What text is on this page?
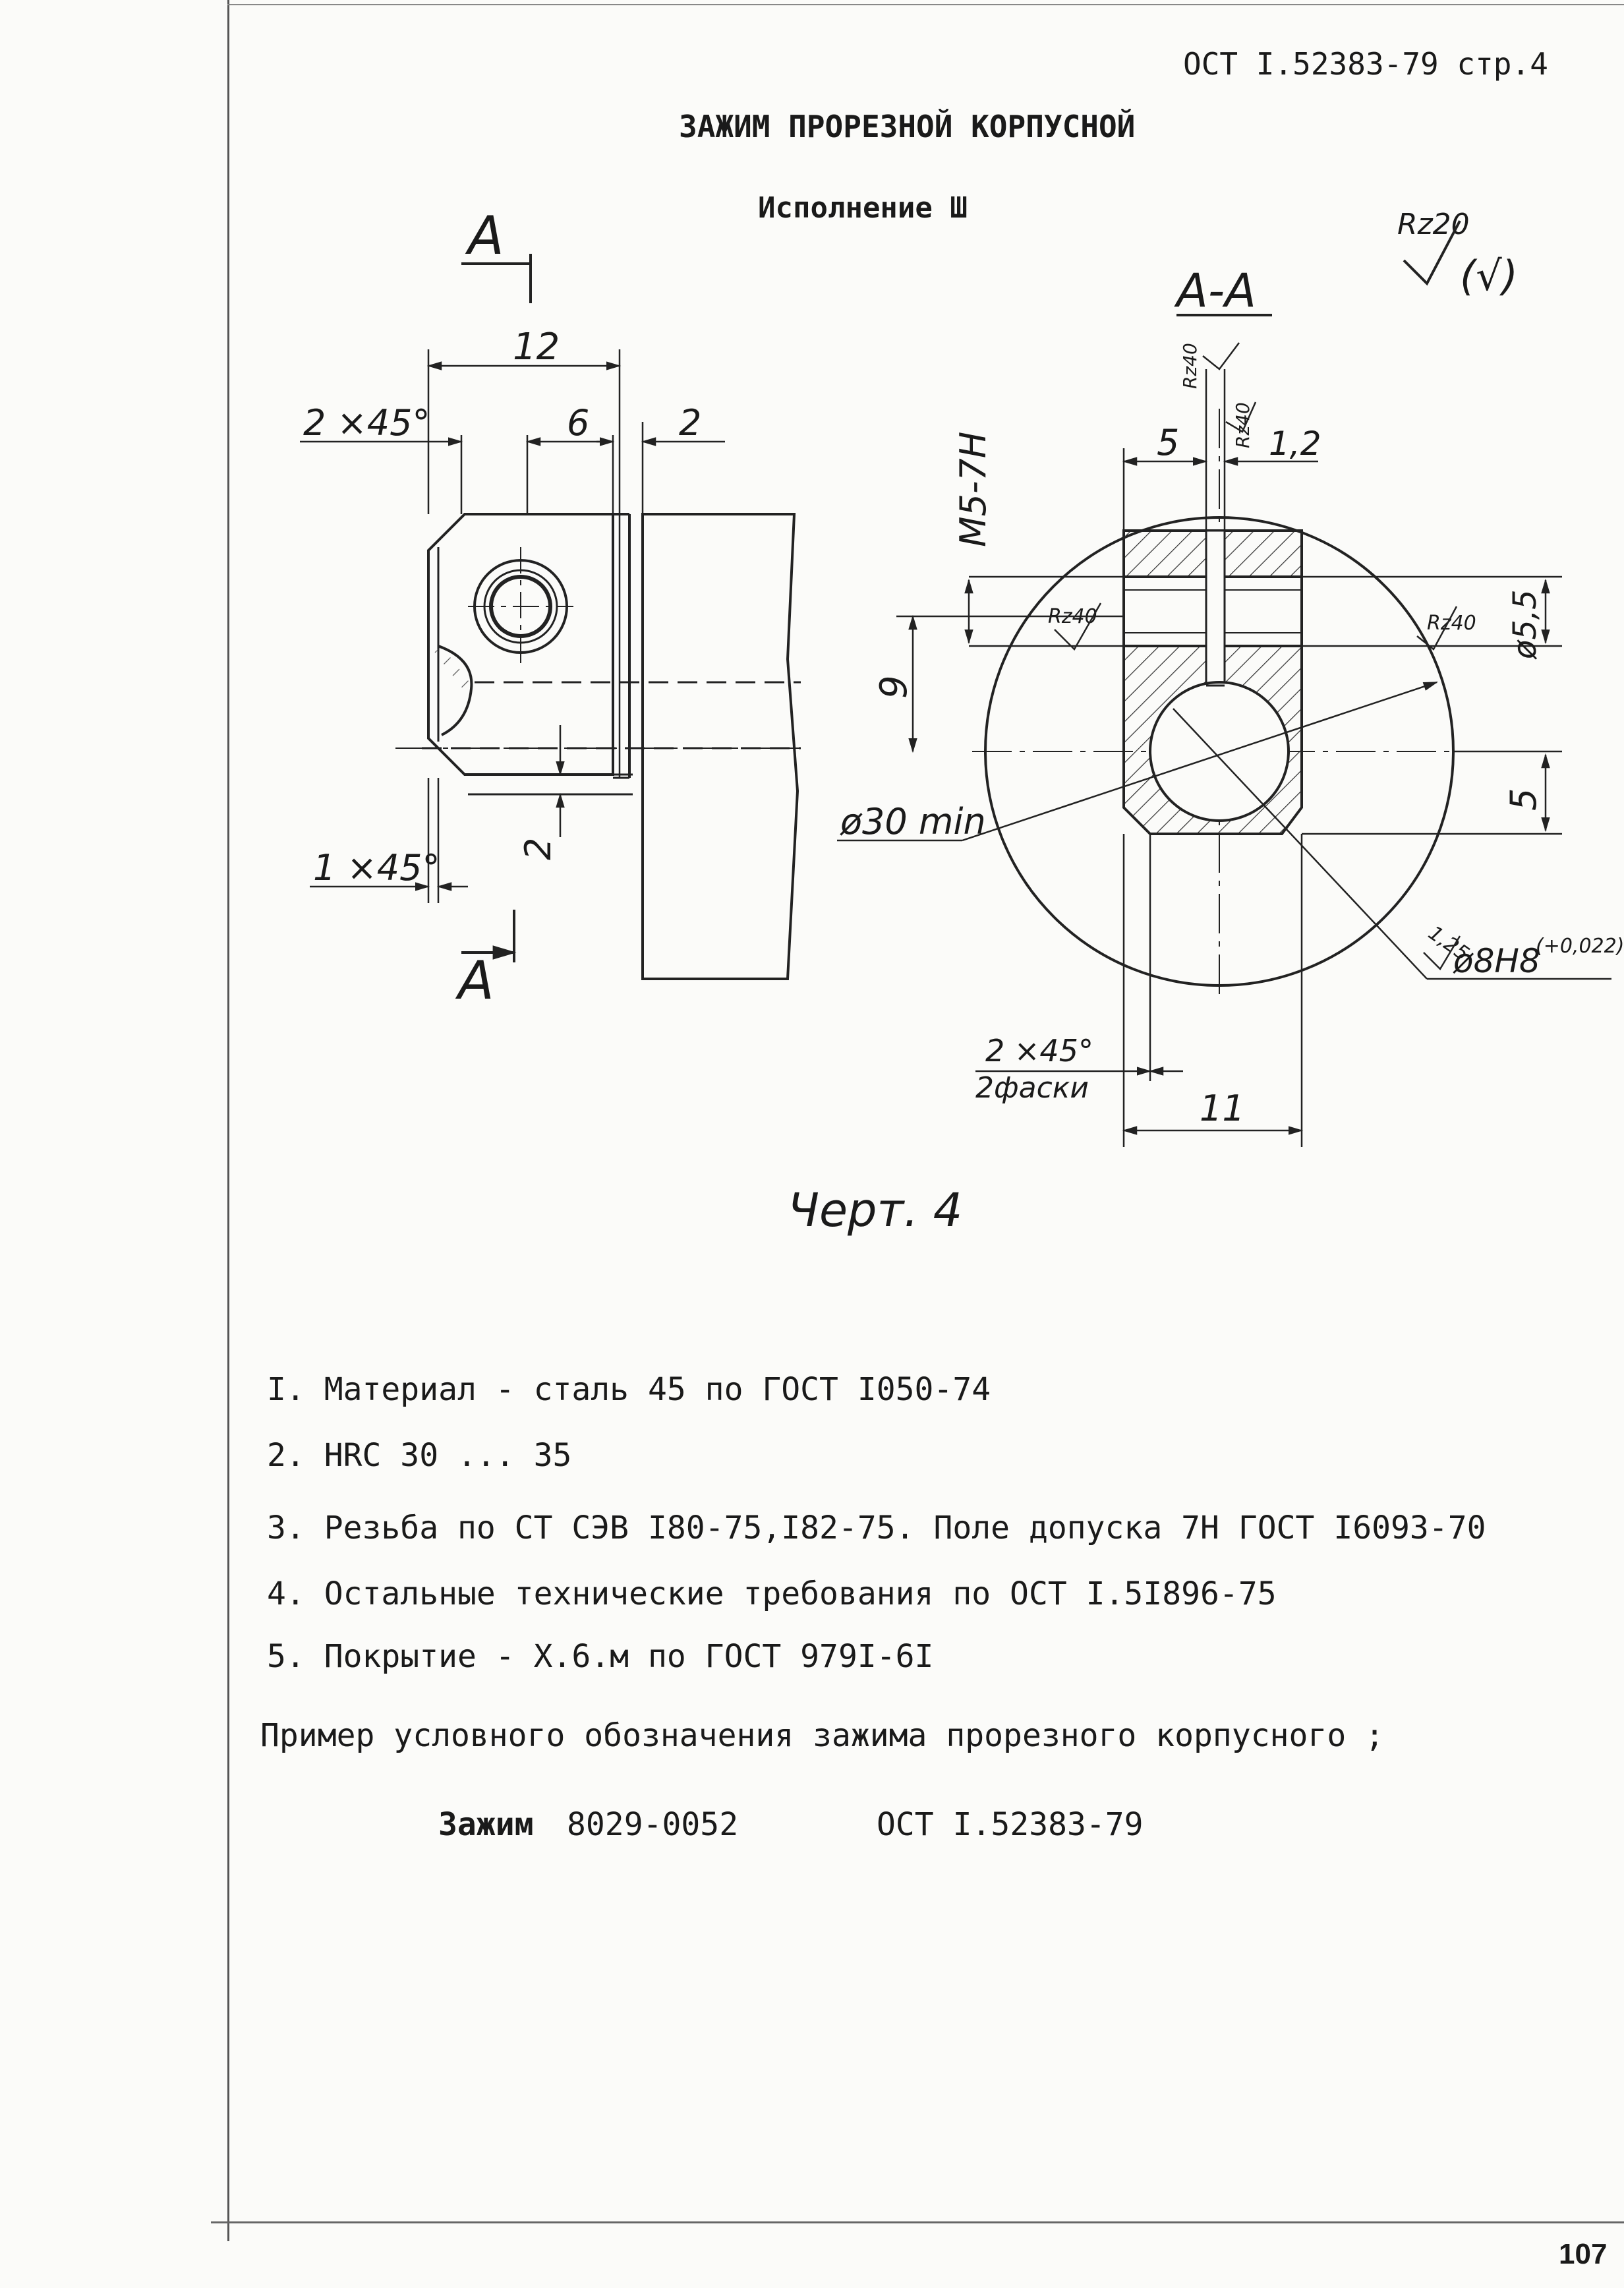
ОСТ I.52383-79 стр.4
ЗАЖИМ ПРОРЕЗНОЙ КОРПУСНОЙ
Исполнение Ш	Rz20
(√)
А
А
12
2 ×45°	6	2
1 ×45° 2
А-А
5	1,2
Rz40
Rz40
Rz40	Rz40
M5-7H
9
ø5,5
5
ø30 min
1,25
ø8H8
(+0,022)
2 ×45°
2фаски	11
Черт. 4
I. Материал - сталь 45 по ГОСТ I050-74
2. HRC 30 ... 35
3. Резьба по СТ СЭВ I80-75,I82-75. Поле допуска 7Н ГОСТ I6093-70
4. Остальные технические требования по ОСТ I.5I896-75
5. Покрытие - X.6.м по ГОСТ 979I-6I
Пример условного обозначения зажима прорезного корпусного ;
Зажим 8029-0052	ОСТ I.52383-79
107
